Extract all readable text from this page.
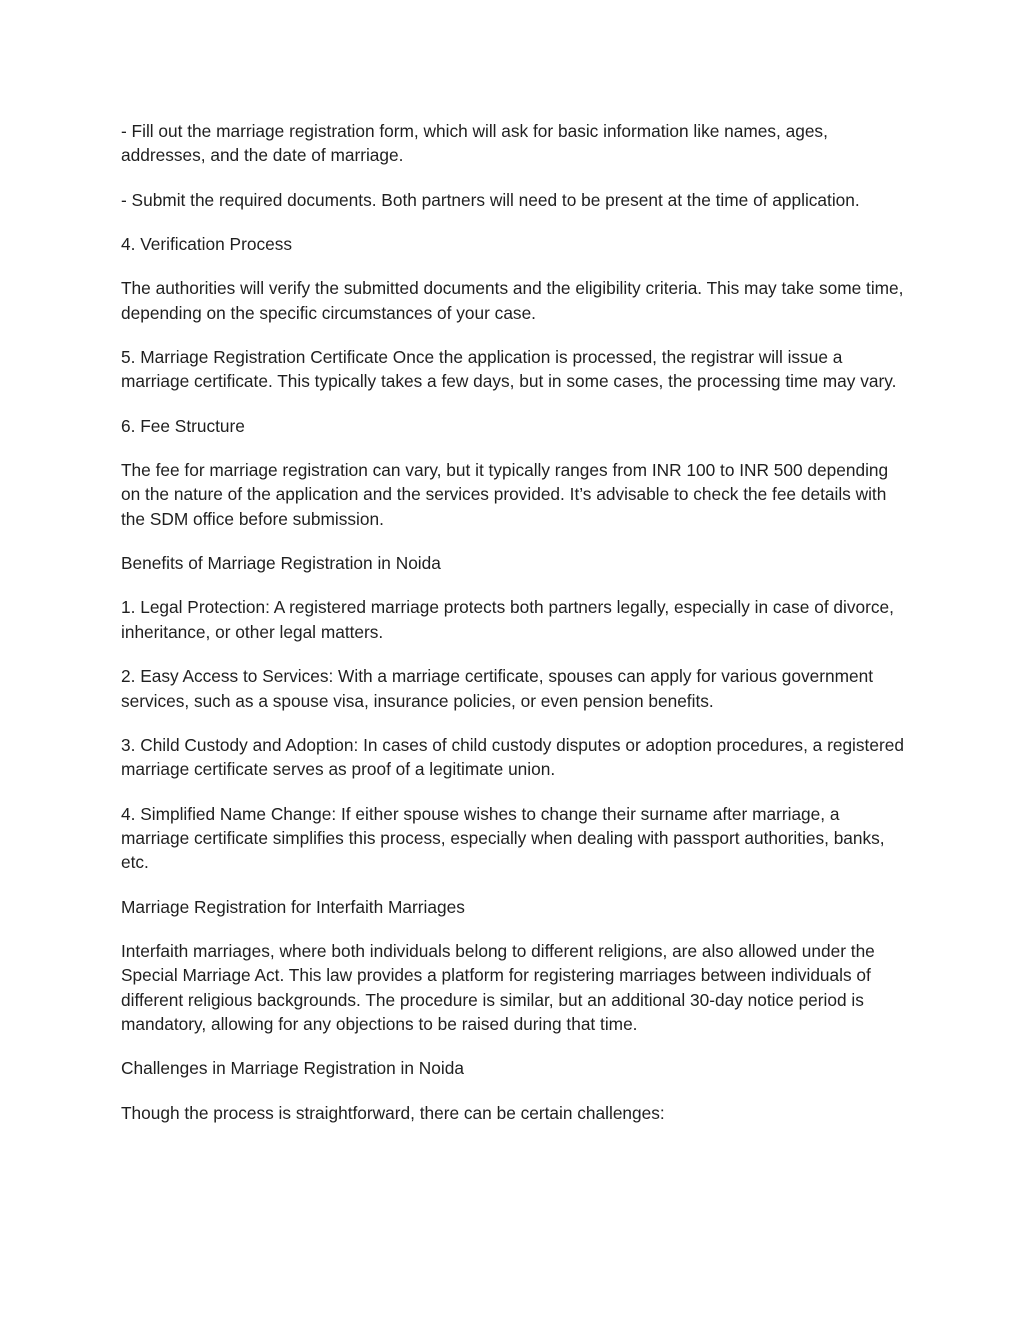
- Fill out the marriage registration form, which will ask for basic information like names, ages, addresses, and the date of marriage.

- Submit the required documents. Both partners will need to be present at the time of application.

4. Verification Process

The authorities will verify the submitted documents and the eligibility criteria. This may take some time, depending on the specific circumstances of your case.

5. Marriage Registration Certificate Once the application is processed, the registrar will issue a marriage certificate. This typically takes a few days, but in some cases, the processing time may vary.

6. Fee Structure

The fee for marriage registration can vary, but it typically ranges from INR 100 to INR 500 depending on the nature of the application and the services provided. It’s advisable to check the fee details with the SDM office before submission.

Benefits of Marriage Registration in Noida

1. Legal Protection: A registered marriage protects both partners legally, especially in case of divorce, inheritance, or other legal matters.

2. Easy Access to Services: With a marriage certificate, spouses can apply for various government services, such as a spouse visa, insurance policies, or even pension benefits.

3. Child Custody and Adoption: In cases of child custody disputes or adoption procedures, a registered marriage certificate serves as proof of a legitimate union.

4. Simplified Name Change: If either spouse wishes to change their surname after marriage, a marriage certificate simplifies this process, especially when dealing with passport authorities, banks, etc.

Marriage Registration for Interfaith Marriages

Interfaith marriages, where both individuals belong to different religions, are also allowed under the Special Marriage Act. This law provides a platform for registering marriages between individuals of different religious backgrounds. The procedure is similar, but an additional 30-day notice period is mandatory, allowing for any objections to be raised during that time.

Challenges in Marriage Registration in Noida

Though the process is straightforward, there can be certain challenges:
